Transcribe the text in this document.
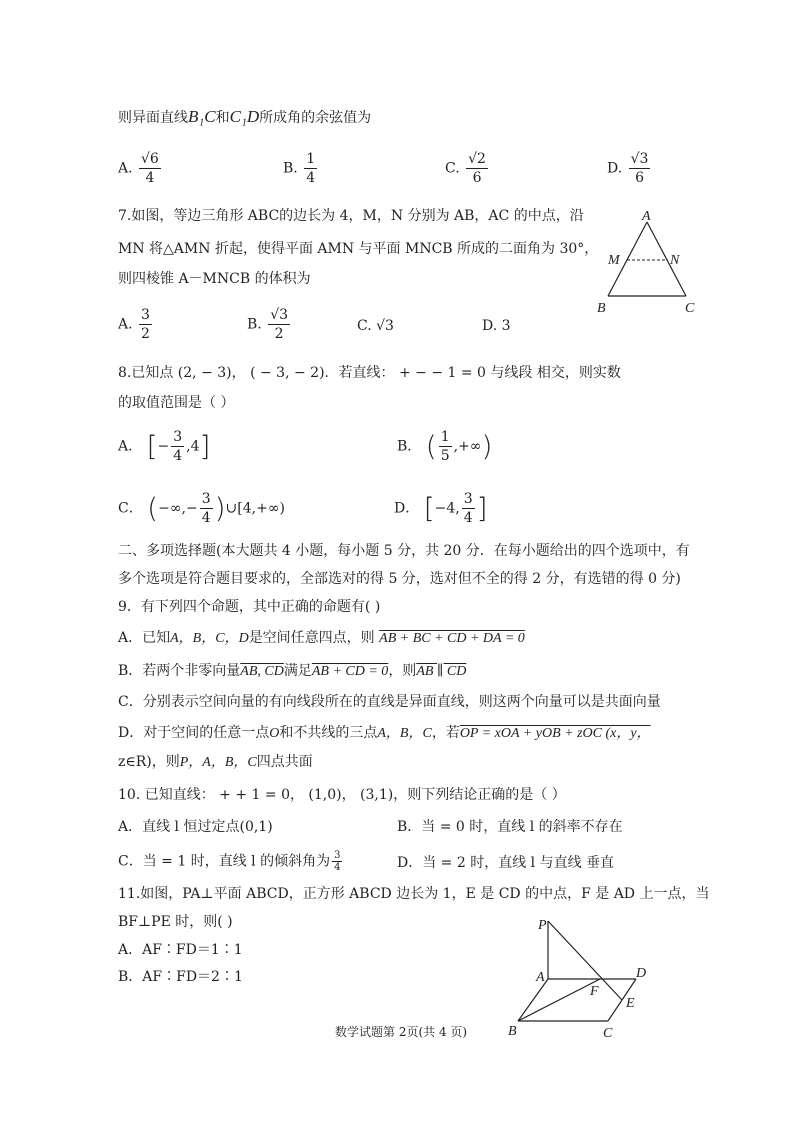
则异面直线B₁C和C₁D所成角的余弦值为
A. $\frac{√6}{4}$	B. $\frac{1}{4}$	C. $\frac{√2}{6}$	D. $\frac{√3}{6}$
7.如图，等边三角形 ABC的边长为 4，M，N 分别为 AB，AC 的中点，沿
MN 将△AMN 折起，使得平面 AMN 与平面 MNCB 所成的二面角为 30°，
则四棱锥 A－MNCB 的体积为
A
M	N
B	C
A. $\frac{3}{2}$	B. $\frac{√3}{2}$	C. √3	D. 3
8.已知点 (2, − 3)， ( − 3, − 2)．若直线： + − − 1 = 0 与线段 相交，则实数
的取值范围是（ ）
A． [− $\frac{3}{4} ,4$]	B． ( $\frac{1}{5}$ ,+∞)
C． (−∞,− $\frac{3}{4}$ )∪[4,+∞)	D． [−4, $\frac{3}{4}$ ]
二、多项选择题(本大题共 4 小题，每小题 5 分，共 20 分．在每小题给出的四个选项中，有
多个选项是符合题目要求的，全部选对的得 5 分，选对但不全的得 2 分，有选错的得 0 分)
9．有下列四个命题，其中正确的命题有( )
A．已知A，B，C，D是空间任意四点，则 AB + BC + CD + DA = 0
B．若两个非零向量AB, CD满足AB + CD = 0，则AB ∥ CD
C．分别表示空间向量的有向线段所在的直线是异面直线，则这两个向量可以是共面向量
D．对于空间的任意一点O和不共线的三点A，B，C，若OP = xOA + yOB + zOC (x，y，
z∈R)，则P，A，B，C四点共面
10. 已知直线： + + 1 = 0， (1,0)， (3,1)，则下列结论正确的是（ ）
A．直线 l 恒过定点(0,1)	B．当 = 0 时，直线 l 的斜率不存在
C．当 = 1 时，直线 l 的倾斜角为 $\frac{3}{4}$	D．当 = 2 时，直线 l 与直线 垂直
11.如图，PA⊥平面 ABCD，正方形 ABCD 边长为 1，E 是 CD 的中点，F 是 AD 上一点，当
BF⊥PE 时，则( )
A．AF∶FD＝1∶1
B．AF∶FD＝2∶1
P
A	D
F
E
B	C
数学试题第 2页(共 4 页)
